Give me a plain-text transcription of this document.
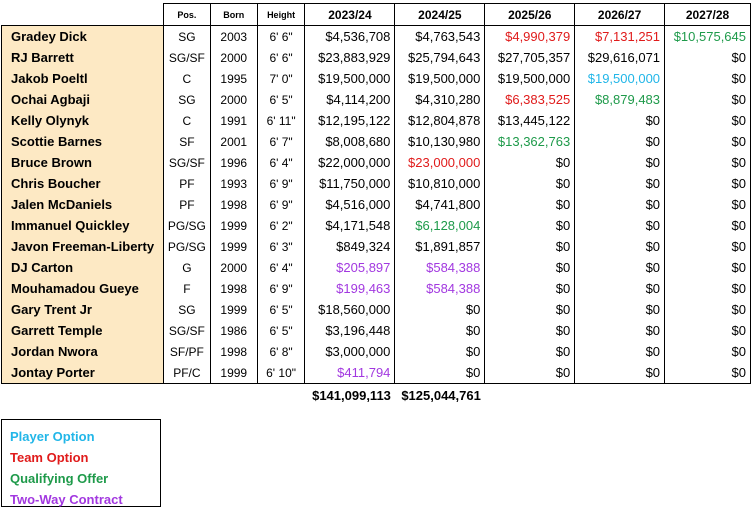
	Pos.	Born	Height	2023/24	2024/25	2025/26	2026/27	2027/28
Gradey Dick	SG	2003	6' 6"	$4,536,708	$4,763,543	$4,990,379	$7,131,251	$10,575,645
RJ Barrett	SG/SF	2000	6' 6"	$23,883,929	$25,794,643	$27,705,357	$29,616,071	$0
Jakob Poeltl	C	1995	7' 0"	$19,500,000	$19,500,000	$19,500,000	$19,500,000	$0
Ochai Agbaji	SG	2000	6' 5"	$4,114,200	$4,310,280	$6,383,525	$8,879,483	$0
Kelly Olynyk	C	1991	6' 11"	$12,195,122	$12,804,878	$13,445,122	$0	$0
Scottie Barnes	SF	2001	6' 7"	$8,008,680	$10,130,980	$13,362,763	$0	$0
Bruce Brown	SG/SF	1996	6' 4"	$22,000,000	$23,000,000	$0	$0	$0
Chris Boucher	PF	1993	6' 9"	$11,750,000	$10,810,000	$0	$0	$0
Jalen McDaniels	PF	1998	6' 9"	$4,516,000	$4,741,800	$0	$0	$0
Immanuel Quickley	PG/SG	1999	6' 2"	$4,171,548	$6,128,004	$0	$0	$0
Javon Freeman-Liberty	PG/SG	1999	6' 3"	$849,324	$1,891,857	$0	$0	$0
DJ Carton	G	2000	6' 4"	$205,897	$584,388	$0	$0	$0
Mouhamadou Gueye	F	1998	6' 9"	$199,463	$584,388	$0	$0	$0
Gary Trent Jr	SG	1999	6' 5"	$18,560,000	$0	$0	$0	$0
Garrett Temple	SG/SF	1986	6' 5"	$3,196,448	$0	$0	$0	$0
Jordan Nwora	SF/PF	1998	6' 8"	$3,000,000	$0	$0	$0	$0
Jontay Porter	PF/C	1999	6' 10"	$411,794	$0	$0	$0	$0
				$141,099,113	$125,044,761			
Player Option
Team Option
Qualifying Offer
Two-Way Contract
